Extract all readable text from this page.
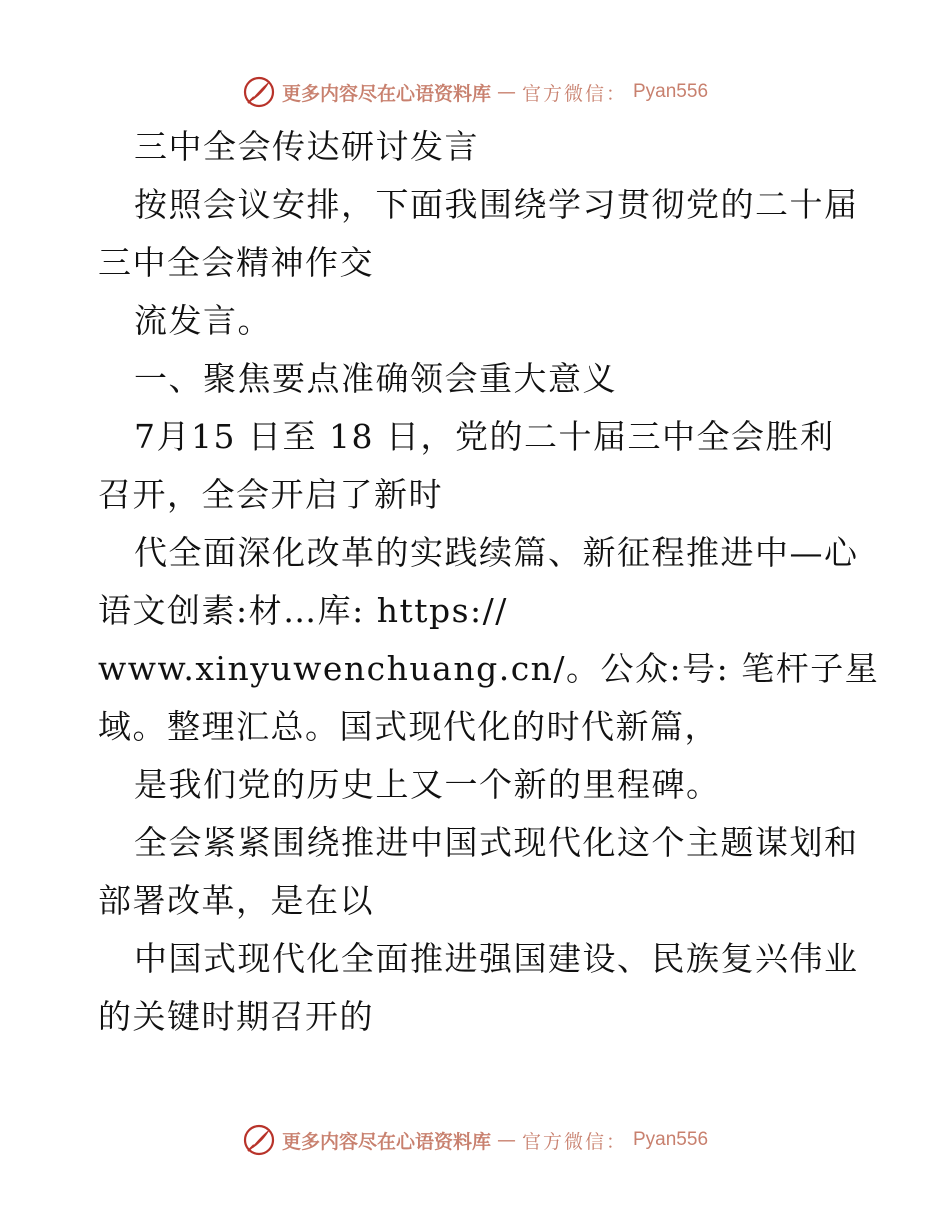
更多内容尽在心语资料库 — 官方微信： Pyan556
三中全会传达研讨发言
按照会议安排，下面我围绕学习贯彻党的二十届
三中全会精神作交
流发言。
一、聚焦要点准确领会重大意义
7月15 日至 18 日，党的二十届三中全会胜利
召开，全会开启了新时
代全面深化改革的实践续篇、新征程推进中—心
语文创素:材…库: https://
www.xinyuwenchuang.cn/。公众:号: 笔杆子星
域。整理汇总。国式现代化的时代新篇，
是我们党的历史上又一个新的里程碑。
全会紧紧围绕推进中国式现代化这个主题谋划和
部署改革，是在以
中国式现代化全面推进强国建设、民族复兴伟业
的关键时期召开的
更多内容尽在心语资料库 — 官方微信： Pyan556
